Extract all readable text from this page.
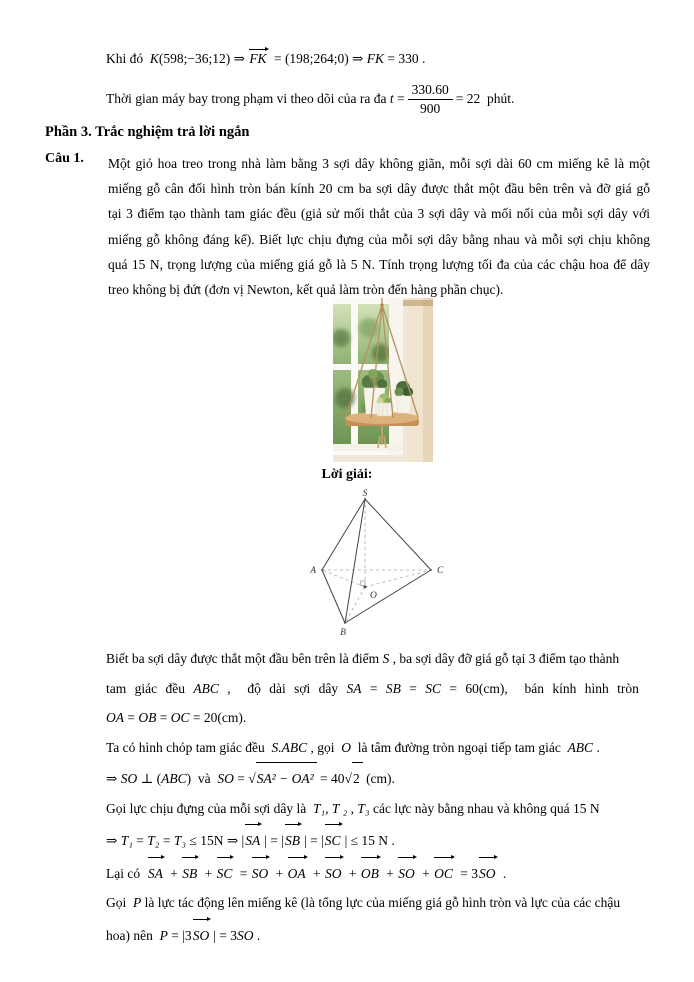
Khi đó  K(598;−36;12) ⇒ FK = (198;264;0) ⇒ FK = 330 .
Thời gian máy bay trong phạm vi theo dõi của ra đa $t = \frac{330.60}{900} = 22$  phút.
Phần 3. Trắc nghiệm trả lời ngắn
Câu 1. Một giỏ hoa treo trong nhà làm bằng 3 sợi dây không giãn, mỗi sợi dài 60 cm miếng kê là một
miếng gỗ cân đối hình tròn bán kính 20 cm ba sợi dây được thắt một đầu bên trên và đỡ giá gỗ
tại 3 điểm tạo thành tam giác đều (giả sử mối thắt của 3 sợi dây và mối nối của mỗi sợi dây với
miếng gỗ không đáng kể). Biết lực chịu đựng của mỗi sợi dây bằng nhau và mỗi sợi chịu không
quá 15 N, trọng lượng của miếng giá gỗ là 5 N. Tính trọng lượng tối đa của các chậu hoa để dây
treo không bị đứt (đơn vị Newton, kết quả làm tròn đến hàng phần chục).
Lời giải:
S
A	C
B
O
Biết ba sợi dây được thắt một đầu bên trên là điểm S , ba sợi dây đỡ giá gỗ tại 3 điểm tạo thành
tam giác đều ABC ,  độ dài sợi dây SA = SB = SC = 60(cm),  bán kính hình tròn
OA = OB = OC = 20(cm).
Ta có hình chóp tam giác đều  S.ABC , gọi  O  là tâm đường tròn ngoại tiếp tam giác  ABC .
⇒ SO ⊥ (ABC)  và  SO = √SA² − OA² = 40√2 (cm).
Gọi lực chịu đựng của mỗi sợi dây là  T₁, T ₂ , T₃ các lực này bằng nhau và không quá 15 N
⇒ T₁ = T₂ = T₃ ≤ 15N ⇒ |SA | = |SB | = |SC | ≤ 15 N .
Lại có  SA + SB + SC = SO + OA + SO + OB + SO + OC = 3SO .
Gọi  P là lực tác động lên miếng kê (là tổng lực của miếng giá gỗ hình tròn và lực của các chậu
hoa) nên  P = |3SO | = 3SO .
